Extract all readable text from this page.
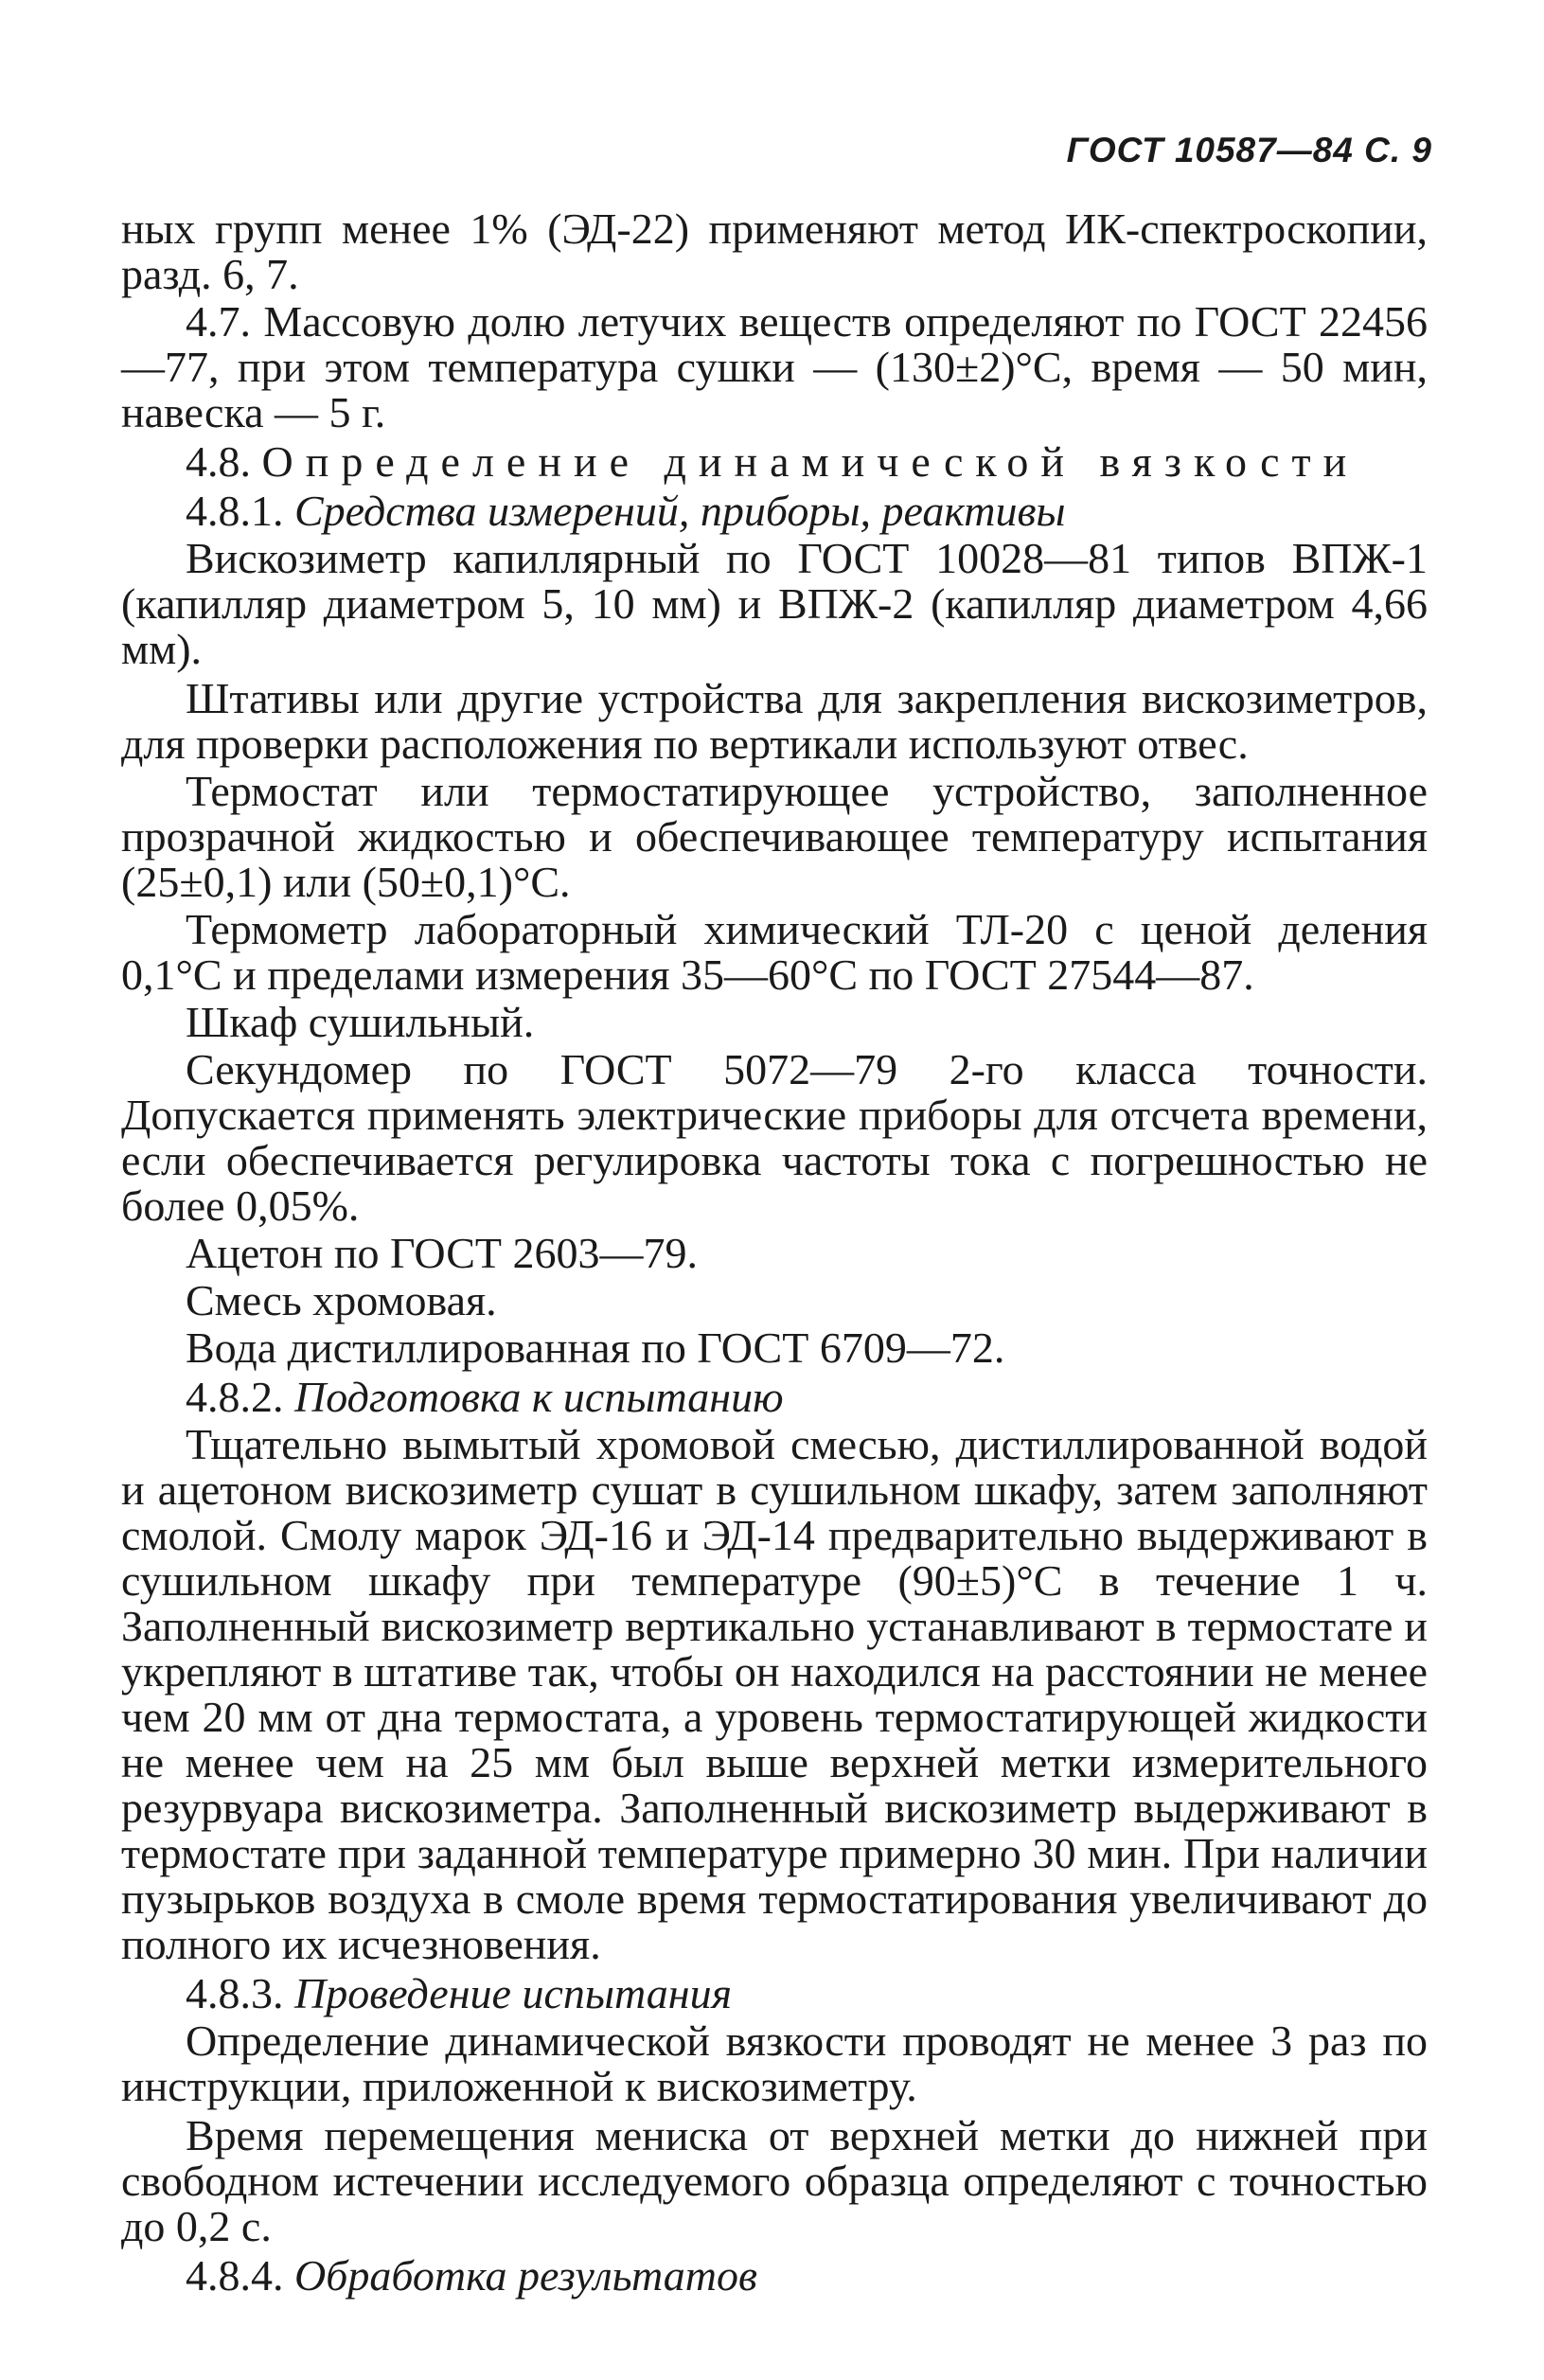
ГОСТ 10587—84 С. 9

ных групп менее 1% (ЭД-22) применяют метод ИК-спектроскопии, разд. 6, 7.

4.7. Массовую долю летучих веществ определяют по ГОСТ 22456—77, при этом температура сушки — (130±2)°С, время — 50 мин, навеска — 5 г.

4.8. Определение динамической вязкости
4.8.1. Средства измерений, приборы, реактивы

Вискозиметр капиллярный по ГОСТ 10028—81 типов ВПЖ-1 (капилляр диаметром 5, 10 мм) и ВПЖ-2 (капилляр диаметром 4,66 мм).

Штативы или другие устройства для закрепления вискозиметров, для проверки расположения по вертикали используют отвес.

Термостат или термостатирующее устройство, заполненное прозрачной жидкостью и обеспечивающее температуру испытания (25±0,1) или (50±0,1)°С.

Термометр лабораторный химический ТЛ-20 с ценой деления 0,1°С и пределами измерения 35—60°С по ГОСТ 27544—87.

Шкаф сушильный.

Секундомер по ГОСТ 5072—79 2-го класса точности. Допускается применять электрические приборы для отсчета времени, если обеспечивается регулировка частоты тока с погрешностью не более 0,05%.

Ацетон по ГОСТ 2603—79.

Смесь хромовая.

Вода дистиллированная по ГОСТ 6709—72.

4.8.2. Подготовка к испытанию

Тщательно вымытый хромовой смесью, дистиллированной водой и ацетоном вискозиметр сушат в сушильном шкафу, затем заполняют смолой. Смолу марок ЭД-16 и ЭД-14 предварительно выдерживают в сушильном шкафу при температуре (90±5)°С в течение 1 ч. Заполненный вискозиметр вертикально устанавливают в термостате и укрепляют в штативе так, чтобы он находился на расстоянии не менее чем 20 мм от дна термостата, а уровень термостатирующей жидкости не менее чем на 25 мм был выше верхней метки измерительного резурвуара вискозиметра. Заполненный вискозиметр выдерживают в термостате при заданной температуре примерно 30 мин. При наличии пузырьков воздуха в смоле время термостатирования увеличивают до полного их исчезновения.

4.8.3. Проведение испытания

Определение динамической вязкости проводят не менее 3 раз по инструкции, приложенной к вискозиметру.

Время перемещения мениска от верхней метки до нижней при свободном истечении исследуемого образца определяют с точностью до 0,2 с.

4.8.4. Обработка результатов
